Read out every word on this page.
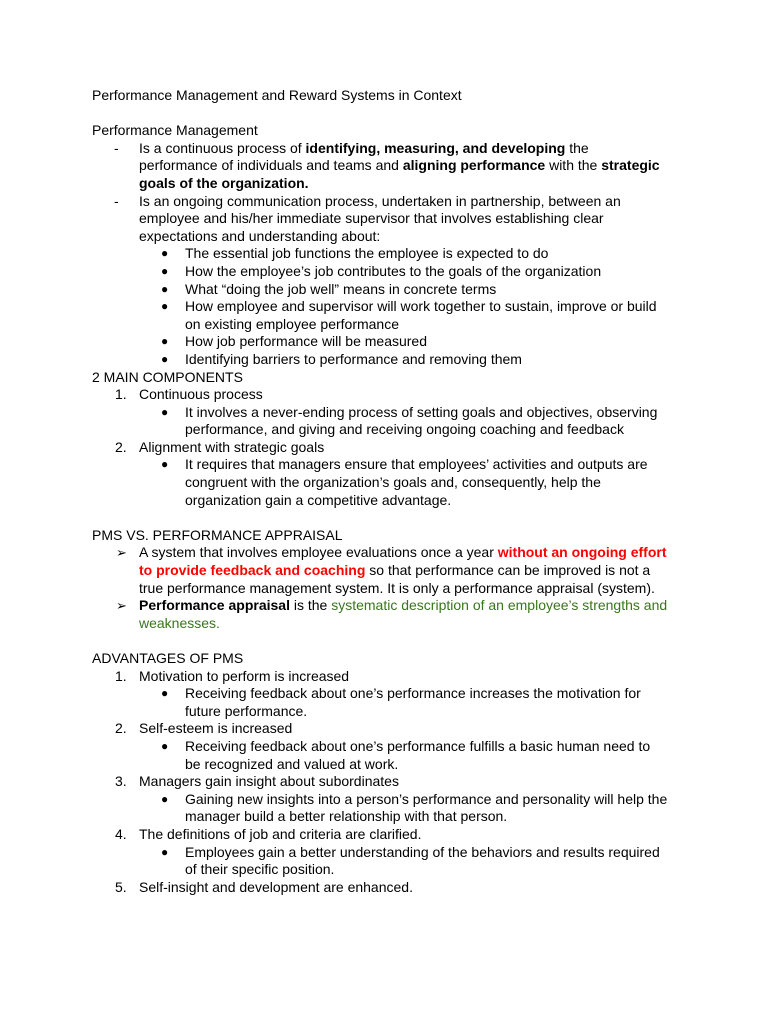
Performance Management and Reward Systems in Context
Performance Management
- Is a continuous process of identifying, measuring, and developing the
performance of individuals and teams and aligning performance with the strategic
goals of the organization.
- Is an ongoing communication process, undertaken in partnership, between an
employee and his/her immediate supervisor that involves establishing clear
expectations and understanding about:
● The essential job functions the employee is expected to do
● How the employee’s job contributes to the goals of the organization
● What “doing the job well” means in concrete terms
● How employee and supervisor will work together to sustain, improve or build
on existing employee performance
● How job performance will be measured
● Identifying barriers to performance and removing them
2 MAIN COMPONENTS
1. Continuous process
● It involves a never-ending process of setting goals and objectives, observing
performance, and giving and receiving ongoing coaching and feedback
2. Alignment with strategic goals
● It requires that managers ensure that employees’ activities and outputs are
congruent with the organization’s goals and, consequently, help the
organization gain a competitive advantage.
PMS VS. PERFORMANCE APPRAISAL
➢ A system that involves employee evaluations once a year without an ongoing effort
to provide feedback and coaching so that performance can be improved is not a
true performance management system. It is only a performance appraisal (system).
➢ Performance appraisal is the systematic description of an employee’s strengths and
weaknesses.
ADVANTAGES OF PMS
1. Motivation to perform is increased
● Receiving feedback about one’s performance increases the motivation for
future performance.
2. Self-esteem is increased
● Receiving feedback about one’s performance fulfills a basic human need to
be recognized and valued at work.
3. Managers gain insight about subordinates
● Gaining new insights into a person’s performance and personality will help the
manager build a better relationship with that person.
4. The definitions of job and criteria are clarified.
● Employees gain a better understanding of the behaviors and results required
of their specific position.
5. Self-insight and development are enhanced.
